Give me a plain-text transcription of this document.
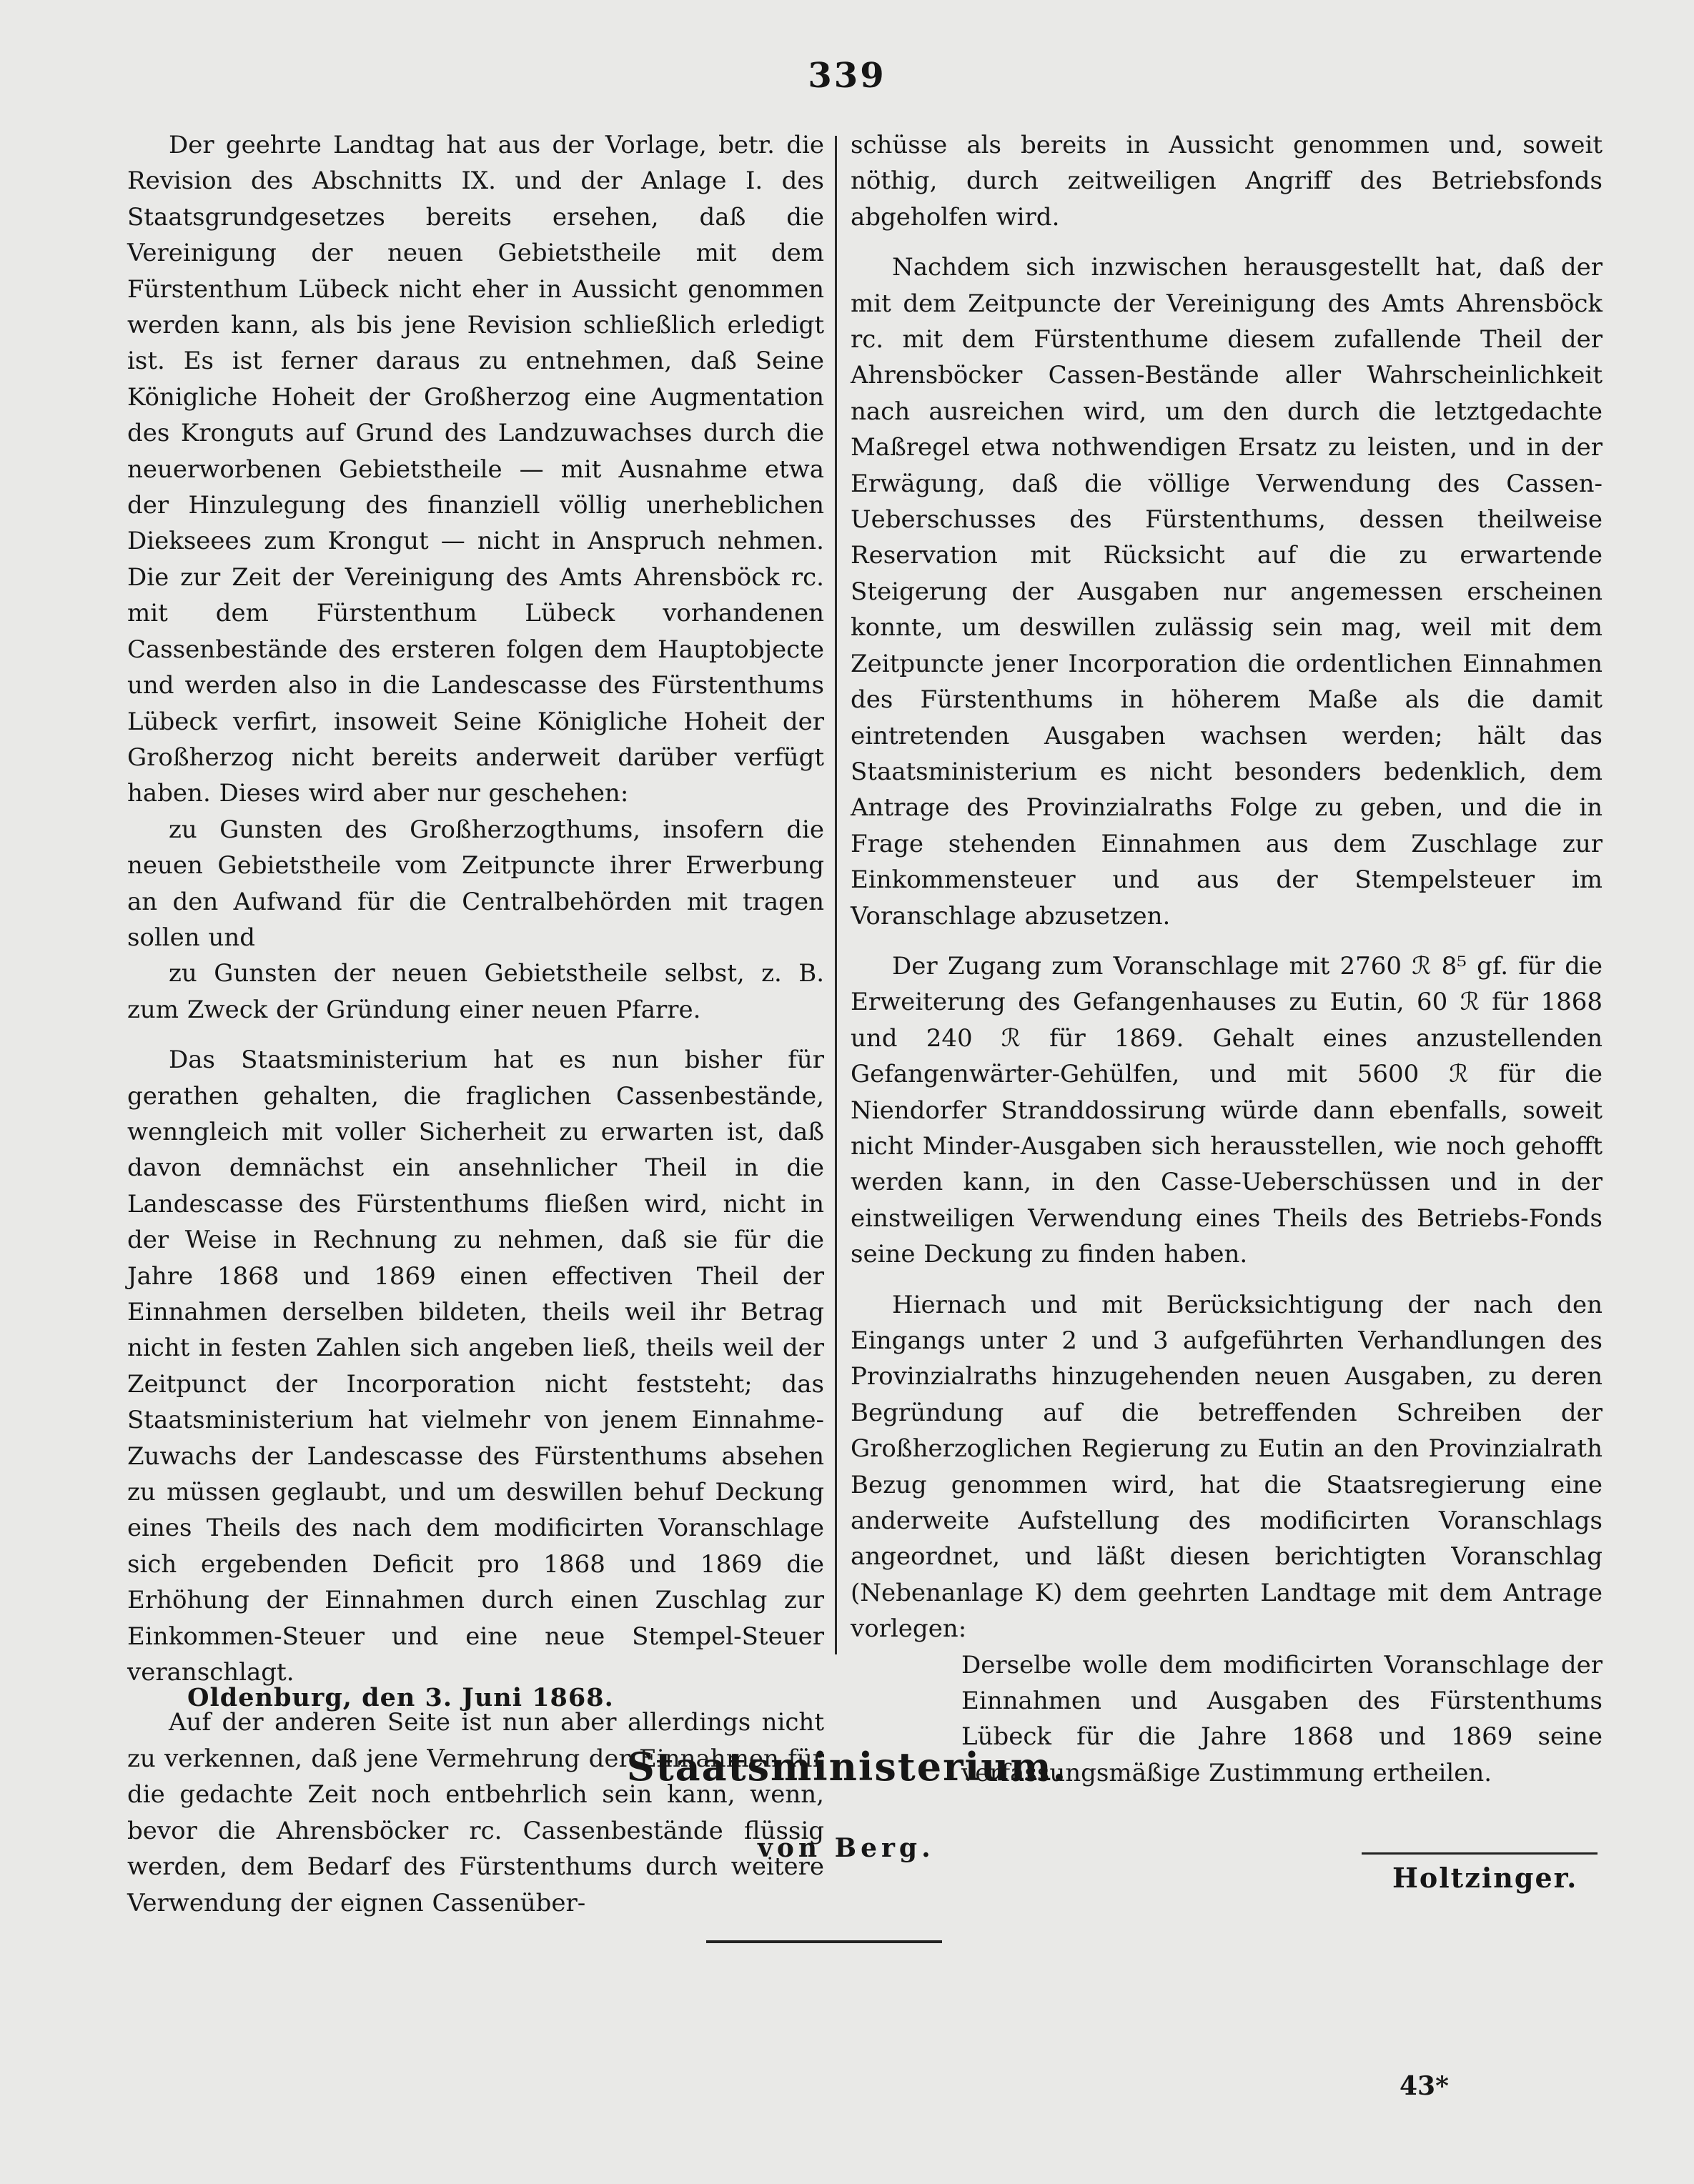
339

Der geehrte Landtag hat aus der Vorlage, betr. die Revision des Abschnitts IX. und der Anlage I. des Staatsgrundgesetzes bereits ersehen, daß die Vereinigung der neuen Gebietstheile mit dem Fürstenthum Lübeck nicht eher in Aussicht genommen werden kann, als bis jene Revision schließlich erledigt ist. Es ist ferner daraus zu entnehmen, daß Seine Königliche Hoheit der Großherzog eine Augmentation des Kronguts auf Grund des Landzuwachses durch die neuerworbenen Gebietstheile — mit Ausnahme etwa der Hinzulegung des finanziell völlig unerheblichen Diekseees zum Krongut — nicht in Anspruch nehmen. Die zur Zeit der Vereinigung des Amts Ahrensböck rc. mit dem Fürstenthum Lübeck vorhandenen Cassenbestände des ersteren folgen dem Hauptobjecte und werden also in die Landescasse des Fürstenthums Lübeck verfirt, insoweit Seine Königliche Hoheit der Großherzog nicht bereits anderweit darüber verfügt haben. Dieses wird aber nur geschehen:

zu Gunsten des Großherzogthums, insofern die neuen Gebietstheile vom Zeitpuncte ihrer Erwerbung an den Aufwand für die Centralbehörden mit tragen sollen und

zu Gunsten der neuen Gebietstheile selbst, z. B. zum Zweck der Gründung einer neuen Pfarre.

Das Staatsministerium hat es nun bisher für gerathen gehalten, die fraglichen Cassenbestände, wenngleich mit voller Sicherheit zu erwarten ist, daß davon demnächst ein ansehnlicher Theil in die Landescasse des Fürstenthums fließen wird, nicht in der Weise in Rechnung zu nehmen, daß sie für die Jahre 1868 und 1869 einen effectiven Theil der Einnahmen derselben bildeten, theils weil ihr Betrag nicht in festen Zahlen sich angeben ließ, theils weil der Zeitpunct der Incorporation nicht feststeht; das Staatsministerium hat vielmehr von jenem Einnahme-Zuwachs der Landescasse des Fürstenthums absehen zu müssen geglaubt, und um deswillen behuf Deckung eines Theils des nach dem modificirten Voranschlage sich ergebenden Deficit pro 1868 und 1869 die Erhöhung der Einnahmen durch einen Zuschlag zur Einkommen-Steuer und eine neue Stempel-Steuer veranschlagt.

Auf der anderen Seite ist nun aber allerdings nicht zu verkennen, daß jene Vermehrung der Einnahmen für die gedachte Zeit noch entbehrlich sein kann, wenn, bevor die Ahrensböcker rc. Cassenbestände flüssig werden, dem Bedarf des Fürstenthums durch weitere Verwendung der eignen Cassenüber-

schüsse als bereits in Aussicht genommen und, soweit nöthig, durch zeitweiligen Angriff des Betriebsfonds abgeholfen wird.

Nachdem sich inzwischen herausgestellt hat, daß der mit dem Zeitpuncte der Vereinigung des Amts Ahrensböck rc. mit dem Fürstenthume diesem zufallende Theil der Ahrensböcker Cassen-Bestände aller Wahrscheinlichkeit nach ausreichen wird, um den durch die letztgedachte Maßregel etwa nothwendigen Ersatz zu leisten, und in der Erwägung, daß die völlige Verwendung des Cassen-Ueberschusses des Fürstenthums, dessen theilweise Reservation mit Rücksicht auf die zu erwartende Steigerung der Ausgaben nur angemessen erscheinen konnte, um deswillen zulässig sein mag, weil mit dem Zeitpuncte jener Incorporation die ordentlichen Einnahmen des Fürstenthums in höherem Maße als die damit eintretenden Ausgaben wachsen werden; hält das Staatsministerium es nicht besonders bedenklich, dem Antrage des Provinzialraths Folge zu geben, und die in Frage stehenden Einnahmen aus dem Zuschlage zur Einkommensteuer und aus der Stempelsteuer im Voranschlage abzusetzen.

Der Zugang zum Voranschlage mit 2760 ℛ 8⁵ gf. für die Erweiterung des Gefangenhauses zu Eutin, 60 ℛ für 1868 und 240 ℛ für 1869. Gehalt eines anzustellenden Gefangenwärter-Gehülfen, und mit 5600 ℛ für die Niendorfer Stranddossirung würde dann ebenfalls, soweit nicht Minder-Ausgaben sich herausstellen, wie noch gehofft werden kann, in den Casse-Ueberschüssen und in der einstweiligen Verwendung eines Theils des Betriebs-Fonds seine Deckung zu finden haben.

Hiernach und mit Berücksichtigung der nach den Eingangs unter 2 und 3 aufgeführten Verhandlungen des Provinzialraths hinzugehenden neuen Ausgaben, zu deren Begründung auf die betreffenden Schreiben der Großherzoglichen Regierung zu Eutin an den Provinzialrath Bezug genommen wird, hat die Staatsregierung eine anderweite Aufstellung des modificirten Voranschlags angeordnet, und läßt diesen berichtigten Voranschlag (Nebenanlage K) dem geehrten Landtage mit dem Antrage vorlegen:

Derselbe wolle dem modificirten Voranschlage der Einnahmen und Ausgaben des Fürstenthums Lübeck für die Jahre 1868 und 1869 seine verfassungsmäßige Zustimmung ertheilen.

Oldenburg, den 3. Juni 1868.
Staatsministerium.
von Berg.
Holtzinger.
43*
